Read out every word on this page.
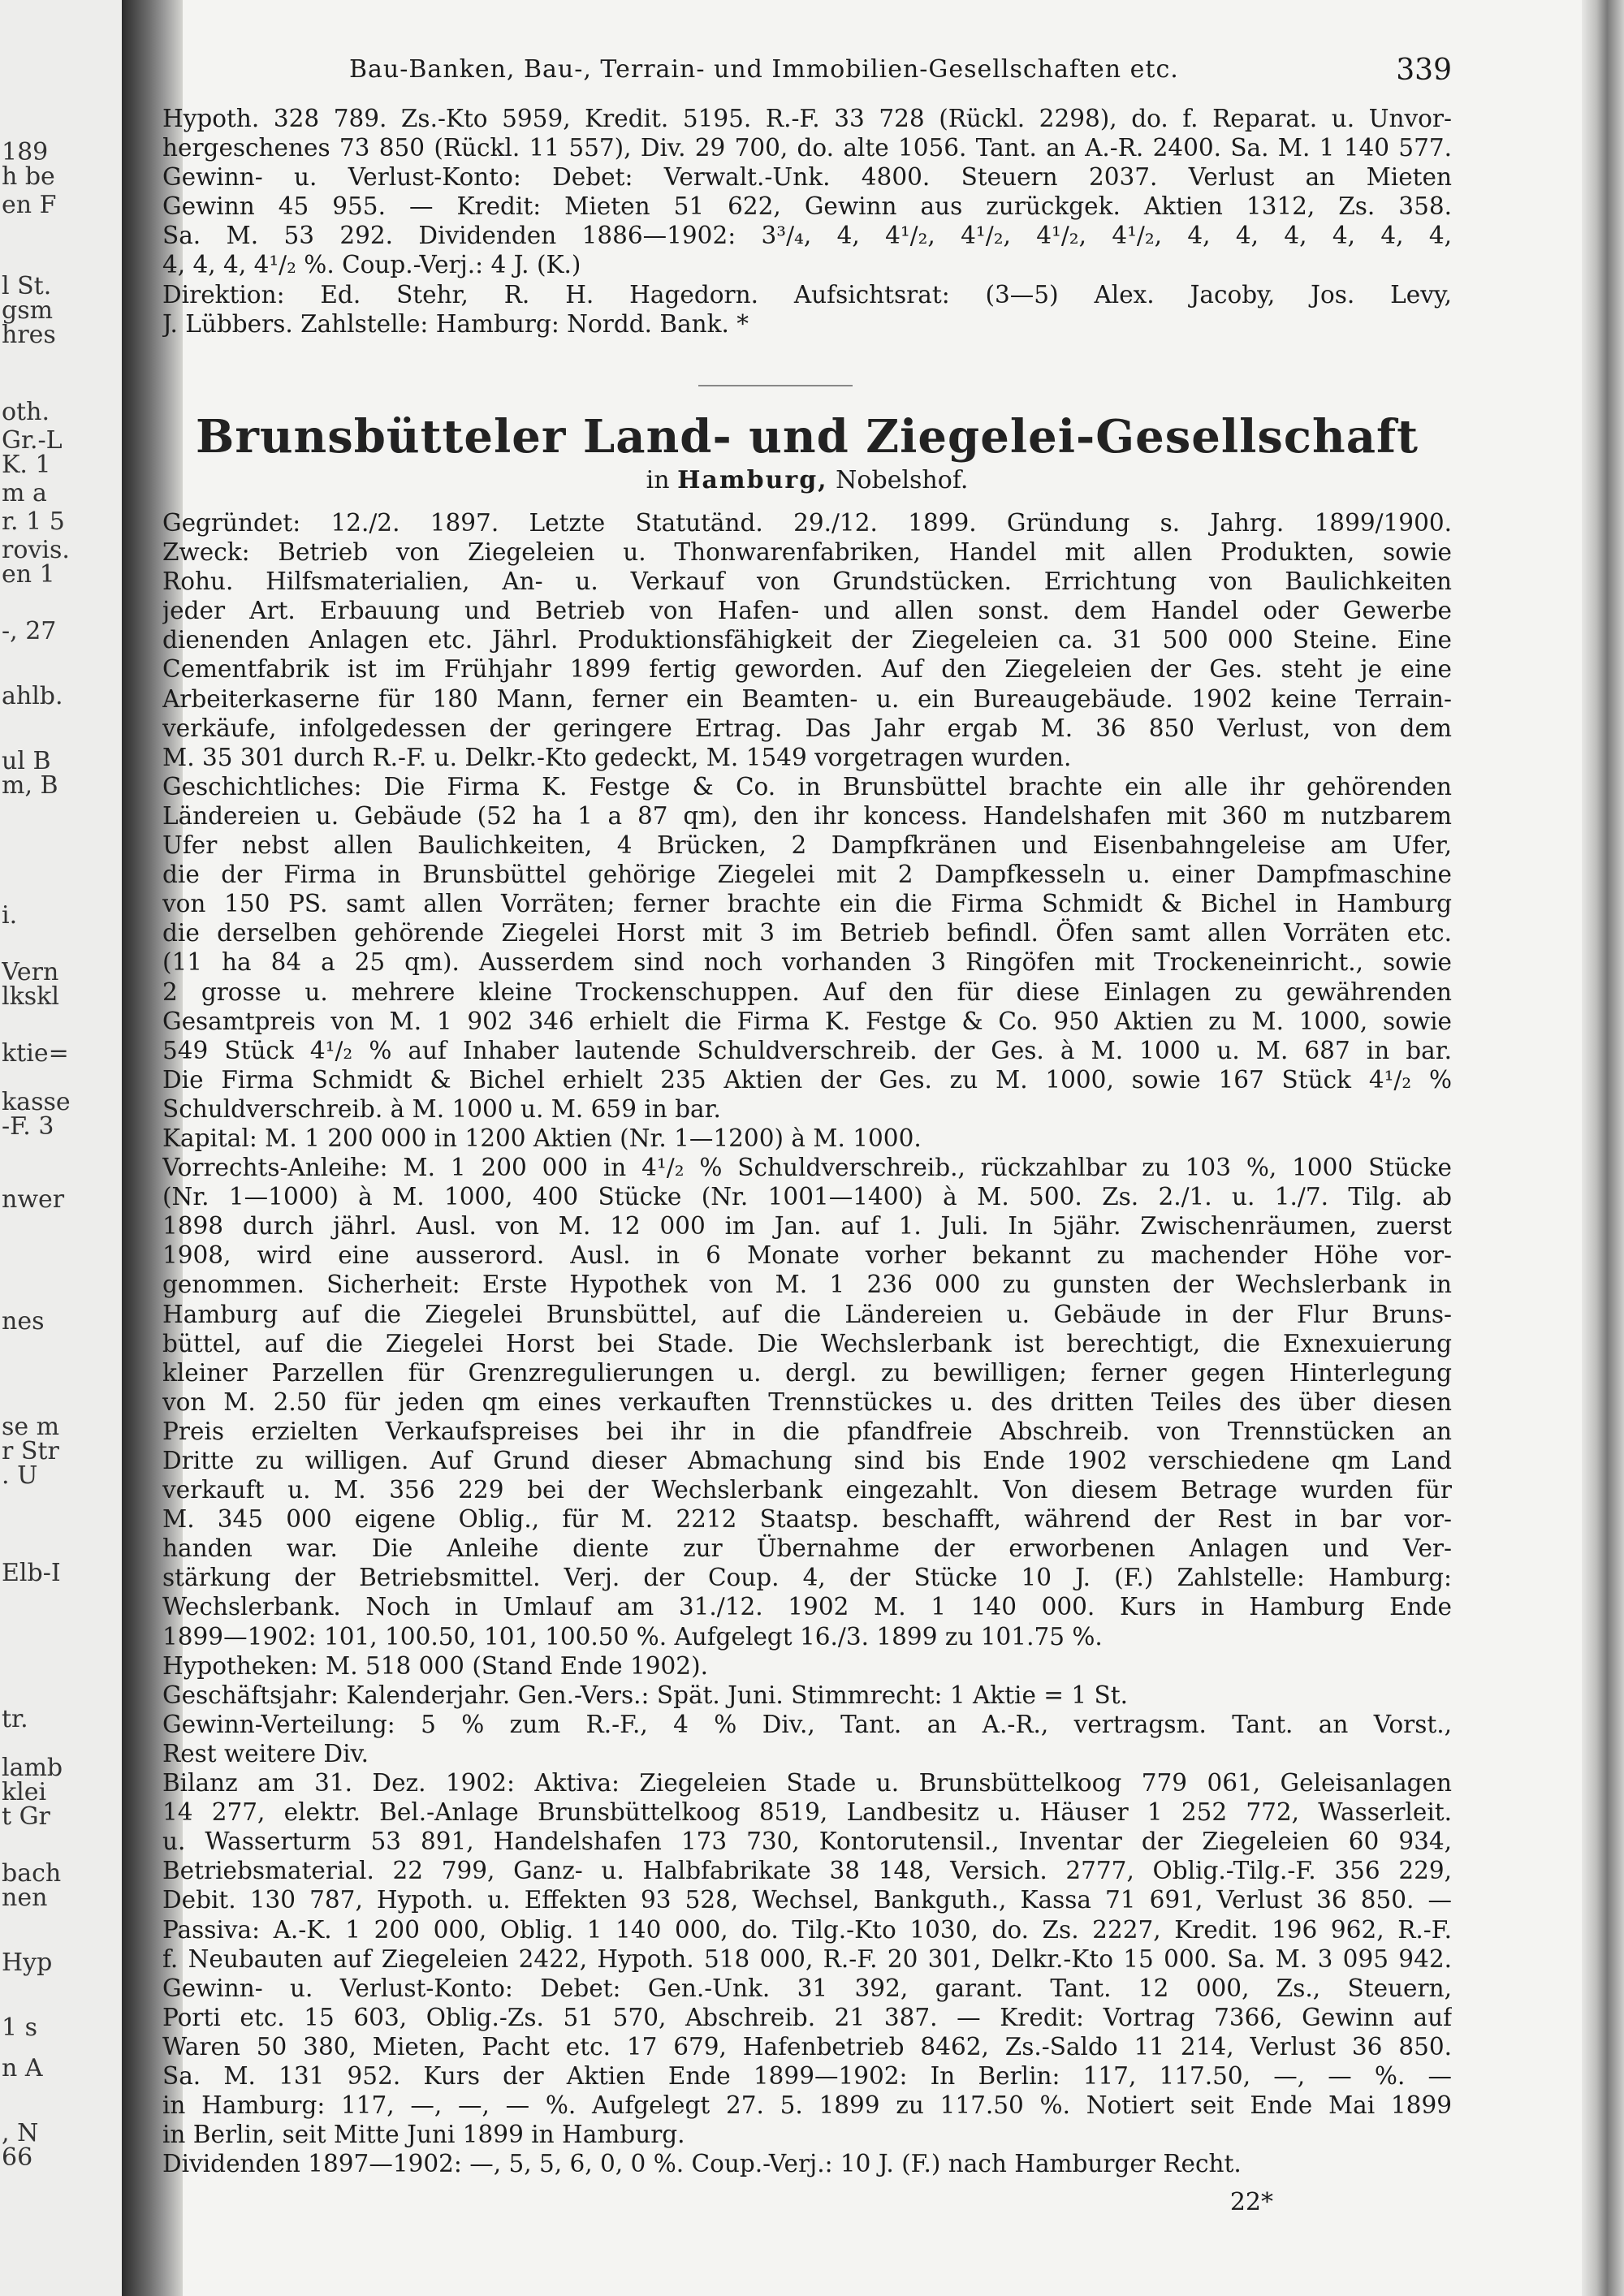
189
h be
en F
l St.
gsm
hres
oth.
Gr.-L
K. 1
m a
r. 1 5
rovis.
en 1
-, 27
ahlb.
ul B
m, B
i.
Vern
lkskl
ktie=
kasse
-F. 3
nwer
nes
se m
r Str
. U
Elb-I
tr.
lamb
klei
t Gr
bach
nen
Hyp
1 s
n A
, N
66
Bau-Banken, Bau-, Terrain- und Immobilien-Gesellschaften etc.	339
Hypoth. 328 789. Zs.-Kto 5959, Kredit. 5195. R.-F. 33 728 (Rückl. 2298), do. f. Reparat. u. Unvor-
hergeschenes 73 850 (Rückl. 11 557), Div. 29 700, do. alte 1056. Tant. an A.-R. 2400. Sa. M. 1 140 577.
Gewinn- u. Verlust-Konto: Debet: Verwalt.-Unk. 4800. Steuern 2037. Verlust an Mieten
Gewinn 45 955. — Kredit: Mieten 51 622, Gewinn aus zurückgek. Aktien 1312, Zs. 358.
Sa. M. 53 292. Dividenden 1886—1902: 3³/₄, 4, 4¹/₂, 4¹/₂, 4¹/₂, 4¹/₂, 4, 4, 4, 4, 4, 4,
4, 4, 4, 4¹/₂ %. Coup.-Verj.: 4 J. (K.)
Direktion: Ed. Stehr, R. H. Hagedorn. Aufsichtsrat: (3—5) Alex. Jacoby, Jos. Levy,
J. Lübbers. Zahlstelle: Hamburg: Nordd. Bank. *
Brunsbütteler Land- und Ziegelei-Gesellschaft
in Hamburg, Nobelshof.
Gegründet: 12./2. 1897. Letzte Statutänd. 29./12. 1899. Gründung s. Jahrg. 1899/1900.
Zweck: Betrieb von Ziegeleien u. Thonwarenfabriken, Handel mit allen Produkten, sowie
Rohu. Hilfsmaterialien, An- u. Verkauf von Grundstücken. Errichtung von Baulichkeiten
jeder Art. Erbauung und Betrieb von Hafen- und allen sonst. dem Handel oder Gewerbe
dienenden Anlagen etc. Jährl. Produktionsfähigkeit der Ziegeleien ca. 31 500 000 Steine. Eine
Cementfabrik ist im Frühjahr 1899 fertig geworden. Auf den Ziegeleien der Ges. steht je eine
Arbeiterkaserne für 180 Mann, ferner ein Beamten- u. ein Bureaugebäude. 1902 keine Terrain-
verkäufe, infolgedessen der geringere Ertrag. Das Jahr ergab M. 36 850 Verlust, von dem
M. 35 301 durch R.-F. u. Delkr.-Kto gedeckt, M. 1549 vorgetragen wurden.
Geschichtliches: Die Firma K. Festge & Co. in Brunsbüttel brachte ein alle ihr gehörenden
Ländereien u. Gebäude (52 ha 1 a 87 qm), den ihr koncess. Handelshafen mit 360 m nutzbarem
Ufer nebst allen Baulichkeiten, 4 Brücken, 2 Dampfkränen und Eisenbahngeleise am Ufer,
die der Firma in Brunsbüttel gehörige Ziegelei mit 2 Dampfkesseln u. einer Dampfmaschine
von 150 PS. samt allen Vorräten; ferner brachte ein die Firma Schmidt & Bichel in Hamburg
die derselben gehörende Ziegelei Horst mit 3 im Betrieb befindl. Öfen samt allen Vorräten etc.
(11 ha 84 a 25 qm). Ausserdem sind noch vorhanden 3 Ringöfen mit Trockeneinricht., sowie
2 grosse u. mehrere kleine Trockenschuppen. Auf den für diese Einlagen zu gewährenden
Gesamtpreis von M. 1 902 346 erhielt die Firma K. Festge & Co. 950 Aktien zu M. 1000, sowie
549 Stück 4¹/₂ % auf Inhaber lautende Schuldverschreib. der Ges. à M. 1000 u. M. 687 in bar.
Die Firma Schmidt & Bichel erhielt 235 Aktien der Ges. zu M. 1000, sowie 167 Stück 4¹/₂ %
Schuldverschreib. à M. 1000 u. M. 659 in bar.
Kapital: M. 1 200 000 in 1200 Aktien (Nr. 1—1200) à M. 1000.
Vorrechts-Anleihe: M. 1 200 000 in 4¹/₂ % Schuldverschreib., rückzahlbar zu 103 %, 1000 Stücke
(Nr. 1—1000) à M. 1000, 400 Stücke (Nr. 1001—1400) à M. 500. Zs. 2./1. u. 1./7. Tilg. ab
1898 durch jährl. Ausl. von M. 12 000 im Jan. auf 1. Juli. In 5jähr. Zwischenräumen, zuerst
1908, wird eine ausserord. Ausl. in 6 Monate vorher bekannt zu machender Höhe vor-
genommen. Sicherheit: Erste Hypothek von M. 1 236 000 zu gunsten der Wechslerbank in
Hamburg auf die Ziegelei Brunsbüttel, auf die Ländereien u. Gebäude in der Flur Bruns-
büttel, auf die Ziegelei Horst bei Stade. Die Wechslerbank ist berechtigt, die Exnexuierung
kleiner Parzellen für Grenzregulierungen u. dergl. zu bewilligen; ferner gegen Hinterlegung
von M. 2.50 für jeden qm eines verkauften Trennstückes u. des dritten Teiles des über diesen
Preis erzielten Verkaufspreises bei ihr in die pfandfreie Abschreib. von Trennstücken an
Dritte zu willigen. Auf Grund dieser Abmachung sind bis Ende 1902 verschiedene qm Land
verkauft u. M. 356 229 bei der Wechslerbank eingezahlt. Von diesem Betrage wurden für
M. 345 000 eigene Oblig., für M. 2212 Staatsp. beschafft, während der Rest in bar vor-
handen war. Die Anleihe diente zur Übernahme der erworbenen Anlagen und Ver-
stärkung der Betriebsmittel. Verj. der Coup. 4, der Stücke 10 J. (F.) Zahlstelle: Hamburg:
Wechslerbank. Noch in Umlauf am 31./12. 1902 M. 1 140 000. Kurs in Hamburg Ende
1899—1902: 101, 100.50, 101, 100.50 %. Aufgelegt 16./3. 1899 zu 101.75 %.
Hypotheken: M. 518 000 (Stand Ende 1902).
Geschäftsjahr: Kalenderjahr. Gen.-Vers.: Spät. Juni. Stimmrecht: 1 Aktie = 1 St.
Gewinn-Verteilung: 5 % zum R.-F., 4 % Div., Tant. an A.-R., vertragsm. Tant. an Vorst.,
Rest weitere Div.
Bilanz am 31. Dez. 1902: Aktiva: Ziegeleien Stade u. Brunsbüttelkoog 779 061, Geleisanlagen
14 277, elektr. Bel.-Anlage Brunsbüttelkoog 8519, Landbesitz u. Häuser 1 252 772, Wasserleit.
u. Wasserturm 53 891, Handelshafen 173 730, Kontorutensil., Inventar der Ziegeleien 60 934,
Betriebsmaterial. 22 799, Ganz- u. Halbfabrikate 38 148, Versich. 2777, Oblig.-Tilg.-F. 356 229,
Debit. 130 787, Hypoth. u. Effekten 93 528, Wechsel, Bankguth., Kassa 71 691, Verlust 36 850. —
Passiva: A.-K. 1 200 000, Oblig. 1 140 000, do. Tilg.-Kto 1030, do. Zs. 2227, Kredit. 196 962, R.-F.
f. Neubauten auf Ziegeleien 2422, Hypoth. 518 000, R.-F. 20 301, Delkr.-Kto 15 000. Sa. M. 3 095 942.
Gewinn- u. Verlust-Konto: Debet: Gen.-Unk. 31 392, garant. Tant. 12 000, Zs., Steuern,
Porti etc. 15 603, Oblig.-Zs. 51 570, Abschreib. 21 387. — Kredit: Vortrag 7366, Gewinn auf
Waren 50 380, Mieten, Pacht etc. 17 679, Hafenbetrieb 8462, Zs.-Saldo 11 214, Verlust 36 850.
Sa. M. 131 952. Kurs der Aktien Ende 1899—1902: In Berlin: 117, 117.50, —, — %. —
in Hamburg: 117, —, —, — %. Aufgelegt 27. 5. 1899 zu 117.50 %. Notiert seit Ende Mai 1899
in Berlin, seit Mitte Juni 1899 in Hamburg.
Dividenden 1897—1902: —, 5, 5, 6, 0, 0 %. Coup.-Verj.: 10 J. (F.) nach Hamburger Recht.
22*
